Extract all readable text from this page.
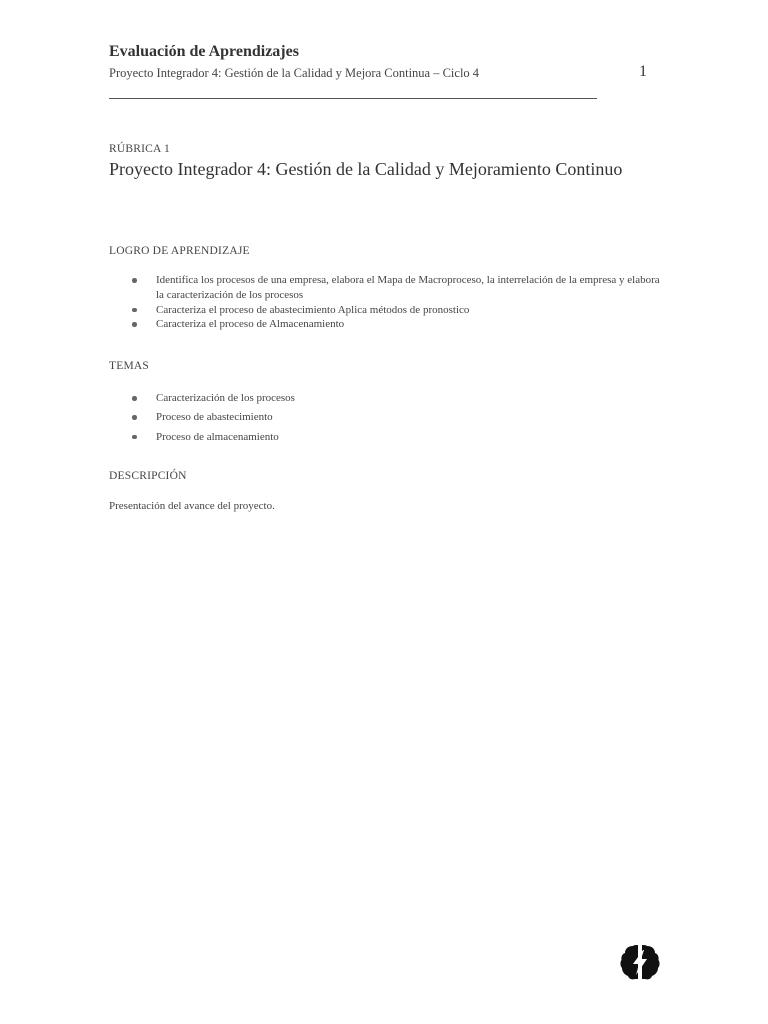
Evaluación de Aprendizajes
Proyecto Integrador 4: Gestión de la Calidad y Mejora Continua – Ciclo 4	1
RÚBRICA 1
Proyecto Integrador 4: Gestión de la Calidad y Mejoramiento Continuo
LOGRO DE APRENDIZAJE
Identifica los procesos de una empresa, elabora el Mapa de Macroproceso, la interrelación de la empresa y elabora la caracterización de los procesos
Caracteriza el proceso de abastecimiento Aplica métodos de pronostico
Caracteriza el proceso de Almacenamiento
TEMAS
Caracterización de los procesos
Proceso de abastecimiento
Proceso de almacenamiento
DESCRIPCIÓN
Presentación del avance del proyecto.
